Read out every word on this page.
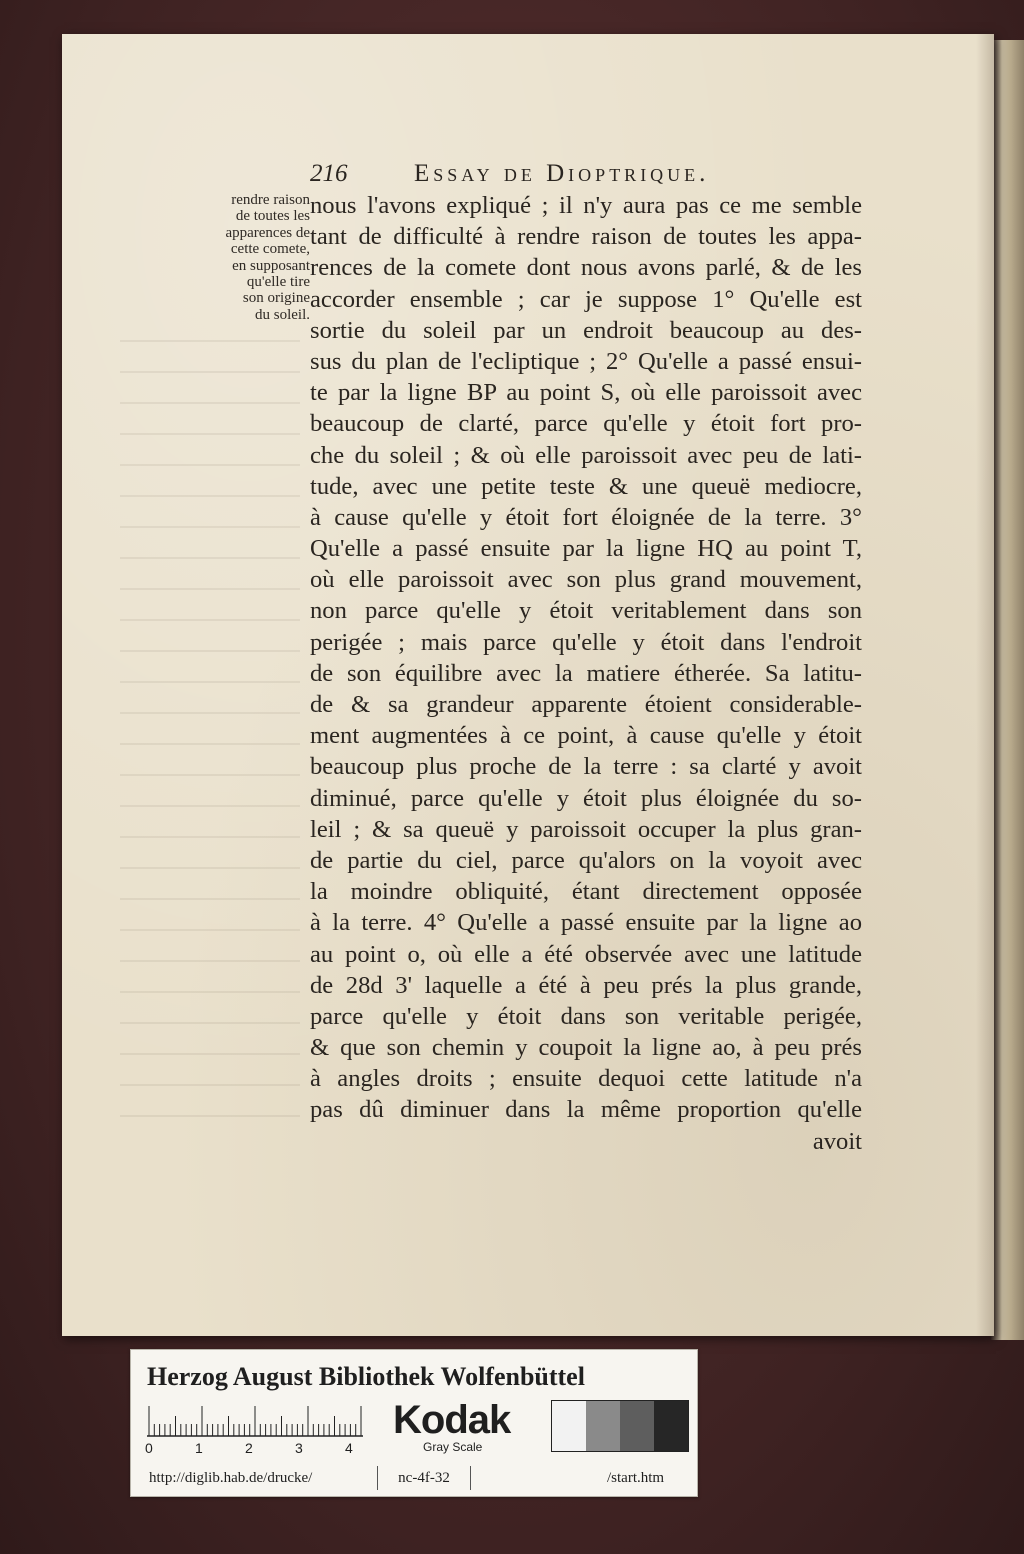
216	Essay de Dioptrique.
rendre raison
de toutes les
apparences de
cette comete,
en supposant
qu'elle tire
son origine
du soleil.
nous l'avons expliqué ; il n'y aura pas ce me semble
tant de difficulté à rendre raison de toutes les appa-
rences de la comete dont nous avons parlé, & de les
accorder ensemble ; car je suppose 1° Qu'elle est
sortie du soleil par un endroit beaucoup au des-
sus du plan de l'ecliptique ; 2° Qu'elle a passé ensui-
te par la ligne BP au point S, où elle paroissoit avec
beaucoup de clarté, parce qu'elle y étoit fort pro-
che du soleil ; & où elle paroissoit avec peu de lati-
tude, avec une petite teste & une queuë mediocre,
à cause qu'elle y étoit fort éloignée de la terre. 3°
Qu'elle a passé ensuite par la ligne HQ au point T,
où elle paroissoit avec son plus grand mouvement,
non parce qu'elle y étoit veritablement dans son
perigée ; mais parce qu'elle y étoit dans l'endroit
de son équilibre avec la matiere étherée. Sa latitu-
de & sa grandeur apparente étoient considerable-
ment augmentées à ce point, à cause qu'elle y étoit
beaucoup plus proche de la terre : sa clarté y avoit
diminué, parce qu'elle y étoit plus éloignée du so-
leil ; & sa queuë y paroissoit occuper la plus gran-
de partie du ciel, parce qu'alors on la voyoit avec
la moindre obliquité, étant directement opposée
à la terre. 4° Qu'elle a passé ensuite par la ligne ao
au point o, où elle a été observée avec une latitude
de 28d 3' laquelle a été à peu prés la plus grande,
parce qu'elle y étoit dans son veritable perigée,
& que son chemin y coupoit la ligne ao, à peu prés
à angles droits ; ensuite dequoi cette latitude n'a
pas dû diminuer dans la même proportion qu'elle
avoit
Herzog August Bibliothek Wolfenbüttel
0	1	2	3	4
Kodak
Gray Scale
http://diglib.hab.de/drucke/	nc-4f-32	/start.htm
